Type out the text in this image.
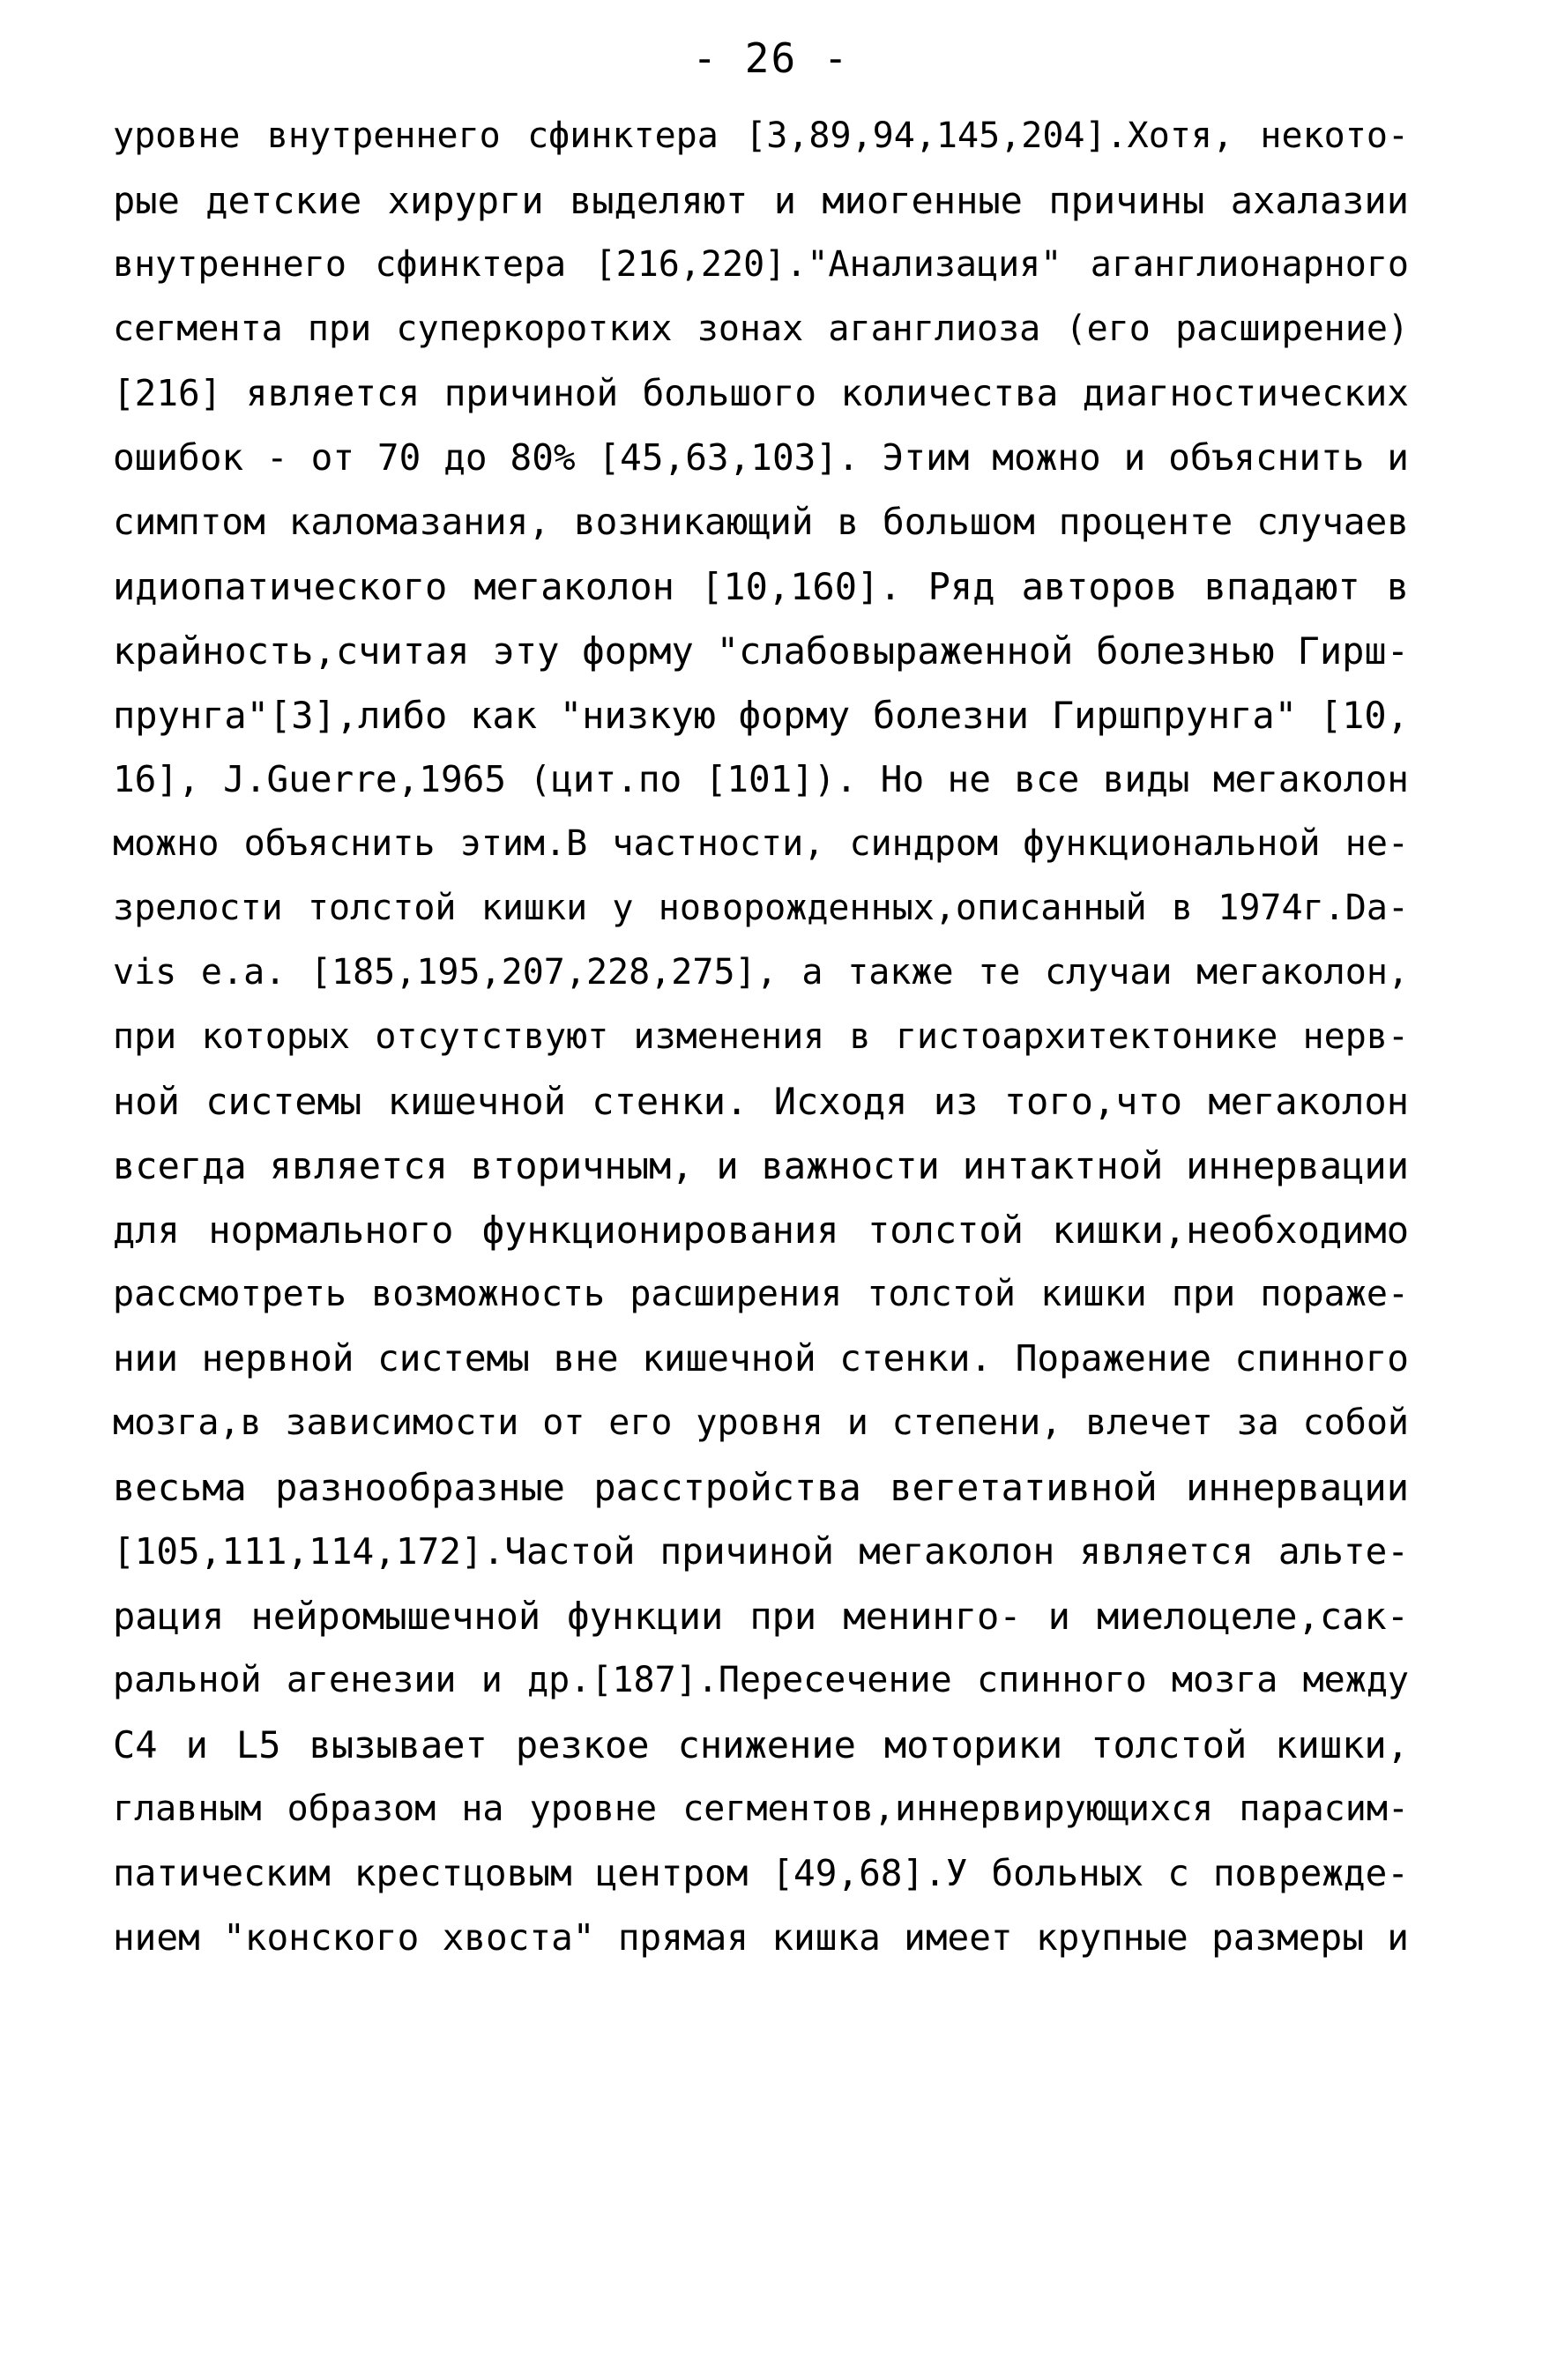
- 26 -
уровне внутреннего сфинктера [3,89,94,145,204].Хотя, некото-
рые детские хирурги выделяют и миогенные причины ахалазии
внутреннего сфинктера [216,220]."Анализация" аганглионарного
сегмента при суперкоротких зонах аганглиоза (его расширение)
[216] является причиной большого количества диагностических
ошибок - от 70 до 80% [45,63,103]. Этим можно и объяснить и
симптом каломазания, возникающий в большом проценте случаев
идиопатического мегаколон [10,160]. Ряд авторов впадают в
крайность,считая эту форму "слабовыраженной болезнью Гирш-
прунга"[3],либо как "низкую форму болезни Гиршпрунга" [10,
16], J.Guerre,1965 (цит.по [101]). Но не все виды мегаколон
можно объяснить этим.В частности, синдром функциональной не-
зрелости толстой кишки у новорожденных,описанный в 1974г.Da-
vis e.a. [185,195,207,228,275], а также те случаи мегаколон,
при которых отсутствуют изменения в гистоархитектонике нерв-
ной системы кишечной стенки. Исходя из того,что мегаколон
всегда является вторичным, и важности интактной иннервации
для нормального функционирования толстой кишки,необходимо
рассмотреть возможность расширения толстой кишки при пораже-
нии нервной системы вне кишечной стенки. Поражение спинного
мозга,в зависимости от его уровня и степени, влечет за собой
весьма разнообразные расстройства вегетативной иннервации
[105,111,114,172].Частой причиной мегаколон является альте-
рация нейромышечной функции при менинго- и миелоцеле,сак-
ральной агенезии и др.[187].Пересечение спинного мозга между
C4 и L5 вызывает резкое снижение моторики толстой кишки,
главным образом на уровне сегментов,иннервирующихся парасим-
патическим крестцовым центром [49,68].У больных с поврежде-
нием "конского хвоста" прямая кишка имеет крупные размеры и
